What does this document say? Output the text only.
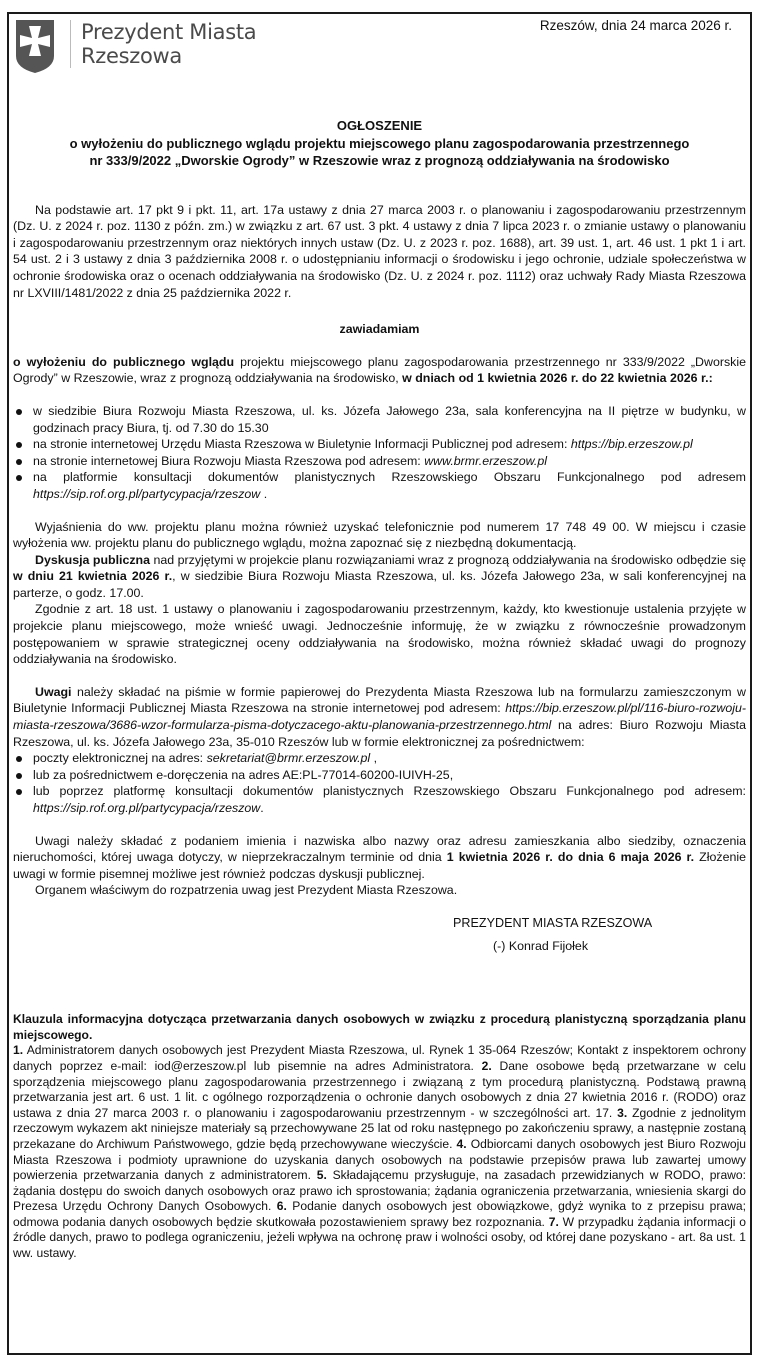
Prezydent Miasta
Rzeszowa
Rzeszów, dnia 24 marca 2026 r.
OGŁOSZENIE
o wyłożeniu do publicznego wglądu projektu miejscowego planu zagospodarowania przestrzennego
nr 333/9/2022 „Dworskie Ogrody” w Rzeszowie wraz z prognozą oddziaływania na środowisko

Na podstawie art. 17 pkt 9 i pkt. 11, art. 17a ustawy z dnia 27 marca 2003 r. o planowaniu i zagospodarowaniu przestrzennym (Dz. U. z 2024 r. poz. 1130 z późn. zm.) w związku z art. 67 ust. 3 pkt. 4 ustawy z dnia 7 lipca 2023 r. o zmianie ustawy o planowaniu i zagospodarowaniu przestrzennym oraz niektórych innych ustaw (Dz. U. z 2023 r. poz. 1688), art. 39 ust. 1, art. 46 ust. 1 pkt 1 i art. 54 ust. 2 i 3 ustawy z dnia 3 października 2008 r. o udostępnianiu informacji o środowisku i jego ochronie, udziale społeczeństwa w ochronie środowiska oraz o ocenach oddziaływania na środowisko (Dz. U. z 2024 r. poz. 1112) oraz uchwały Rady Miasta Rzeszowa nr LXVIII/1481/2022 z dnia 25 października 2022 r.

zawiadamiam

o wyłożeniu do publicznego wglądu projektu miejscowego planu zagospodarowania przestrzennego nr 333/9/2022 „Dworskie Ogrody” w Rzeszowie, wraz z prognozą oddziaływania na środowisko, w dniach od 1 kwietnia 2026 r. do 22 kwietnia 2026 r.:

w siedzibie Biura Rozwoju Miasta Rzeszowa, ul. ks. Józefa Jałowego 23a, sala konferencyjna na II piętrze w budynku, w godzinach pracy Biura, tj. od 7.30 do 15.30
na stronie internetowej Urzędu Miasta Rzeszowa w Biuletynie Informacji Publicznej pod adresem: https://bip.erzeszow.pl
na stronie internetowej Biura Rozwoju Miasta Rzeszowa pod adresem: www.brmr.erzeszow.pl
na platformie konsultacji dokumentów planistycznych Rzeszowskiego Obszaru Funkcjonalnego pod adresem https://sip.rof.org.pl/partycypacja/rzeszow .

Wyjaśnienia do ww. projektu planu można również uzyskać telefonicznie pod numerem 17 748 49 00. W miejscu i czasie wyłożenia ww. projektu planu do publicznego wglądu, można zapoznać się z niezbędną dokumentacją.

Dyskusja publiczna nad przyjętymi w projekcie planu rozwiązaniami wraz z prognozą oddziaływania na środowisko odbędzie się w dniu 21 kwietnia 2026 r., w siedzibie Biura Rozwoju Miasta Rzeszowa, ul. ks. Józefa Jałowego 23a, w sali konferencyjnej na parterze, o godz. 17.00.

Zgodnie z art. 18 ust. 1 ustawy o planowaniu i zagospodarowaniu przestrzennym, każdy, kto kwestionuje ustalenia przyjęte w projekcie planu miejscowego, może wnieść uwagi. Jednocześnie informuję, że w związku z równocześnie prowadzonym postępowaniem w sprawie strategicznej oceny oddziaływania na środowisko, można również składać uwagi do prognozy oddziaływania na środowisko.

Uwagi należy składać na piśmie w formie papierowej do Prezydenta Miasta Rzeszowa lub na formularzu zamieszczonym w Biuletynie Informacji Publicznej Miasta Rzeszowa na stronie internetowej pod adresem: https://bip.erzeszow.pl/pl/116-biuro-rozwoju-miasta-rzeszowa/3686-wzor-formularza-pisma-dotyczacego-aktu-planowania-przestrzennego.html na adres: Biuro Rozwoju Miasta Rzeszowa, ul. ks. Józefa Jałowego 23a, 35-010 Rzeszów lub w formie elektronicznej za pośrednictwem:

poczty elektronicznej na adres: sekretariat@brmr.erzeszow.pl ,
lub za pośrednictwem e-doręczenia na adres AE:PL-77014-60200-IUIVH-25,
lub poprzez platformę konsultacji dokumentów planistycznych Rzeszowskiego Obszaru Funkcjonalnego pod adresem: https://sip.rof.org.pl/partycypacja/rzeszow.

Uwagi należy składać z podaniem imienia i nazwiska albo nazwy oraz adresu zamieszkania albo siedziby, oznaczenia nieruchomości, której uwaga dotyczy, w nieprzekraczalnym terminie od dnia 1 kwietnia 2026 r. do dnia 6 maja 2026 r. Złożenie uwagi w formie pisemnej możliwe jest również podczas dyskusji publicznej.

Organem właściwym do rozpatrzenia uwag jest Prezydent Miasta Rzeszowa.

PREZYDENT MIASTA RZESZOWA
(-) Konrad Fijołek

Klauzula informacyjna dotycząca przetwarzania danych osobowych w związku z procedurą planistyczną sporządzania planu miejscowego.

1. Administratorem danych osobowych jest Prezydent Miasta Rzeszowa, ul. Rynek 1 35-064 Rzeszów; Kontakt z inspektorem ochrony danych poprzez e-mail: iod@erzeszow.pl lub pisemnie na adres Administratora. 2. Dane osobowe będą przetwarzane w celu sporządzenia miejscowego planu zagospodarowania przestrzennego i związaną z tym procedurą planistyczną. Podstawą prawną przetwarzania jest art. 6 ust. 1 lit. c ogólnego rozporządzenia o ochronie danych osobowych z dnia 27 kwietnia 2016 r. (RODO) oraz ustawa z dnia 27 marca 2003 r. o planowaniu i zagospodarowaniu przestrzennym - w szczególności art. 17. 3. Zgodnie z jednolitym rzeczowym wykazem akt niniejsze materiały są przechowywane 25 lat od roku następnego po zakończeniu sprawy, a następnie zostaną przekazane do Archiwum Państwowego, gdzie będą przechowywane wieczyście. 4. Odbiorcami danych osobowych jest Biuro Rozwoju Miasta Rzeszowa i podmioty uprawnione do uzyskania danych osobowych na podstawie przepisów prawa lub zawartej umowy powierzenia przetwarzania danych z administratorem. 5. Składającemu przysługuje, na zasadach przewidzianych w RODO, prawo: żądania dostępu do swoich danych osobowych oraz prawo ich sprostowania; żądania ograniczenia przetwarzania, wniesienia skargi do Prezesa Urzędu Ochrony Danych Osobowych. 6. Podanie danych osobowych jest obowiązkowe, gdyż wynika to z przepisu prawa; odmowa podania danych osobowych będzie skutkowała pozostawieniem sprawy bez rozpoznania. 7. W przypadku żądania informacji o źródle danych, prawo to podlega ograniczeniu, jeżeli wpływa na ochronę praw i wolności osoby, od której dane pozyskano - art. 8a ust. 1 ww. ustawy.
